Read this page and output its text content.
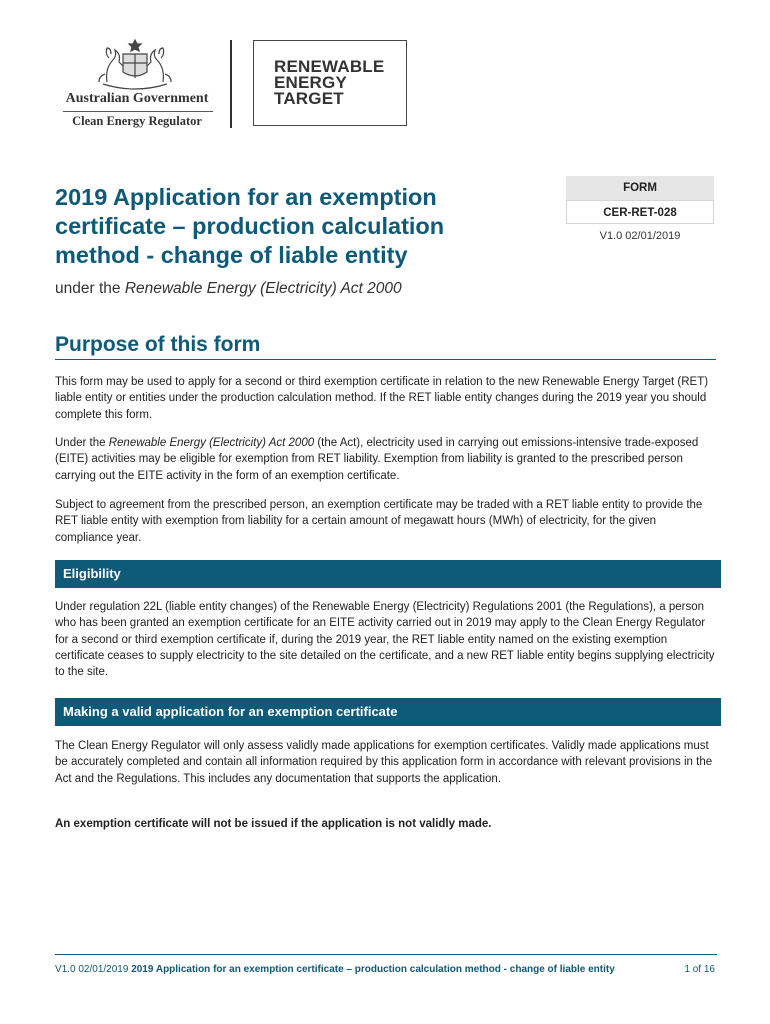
Australian Government
Clean Energy Regulator
RENEWABLE
ENERGY
TARGET
2019 Application for an exemption certificate – production calculation method - change of liable entity
under the Renewable Energy (Electricity) Act 2000
FORM
CER-RET-028
V1.0 02/01/2019
Purpose of this form

This form may be used to apply for a second or third exemption certificate in relation to the new Renewable Energy Target (RET) liable entity or entities under the production calculation method. If the RET liable entity changes during the 2019 year you should complete this form.

Under the Renewable Energy (Electricity) Act 2000 (the Act), electricity used in carrying out emissions-intensive trade-exposed (EITE) activities may be eligible for exemption from RET liability. Exemption from liability is granted to the prescribed person carrying out the EITE activity in the form of an exemption certificate.

Subject to agreement from the prescribed person, an exemption certificate may be traded with a RET liable entity to provide the RET liable entity with exemption from liability for a certain amount of megawatt hours (MWh) of electricity, for the given compliance year.

Eligibility

Under regulation 22L (liable entity changes) of the Renewable Energy (Electricity) Regulations 2001 (the Regulations), a person who has been granted an exemption certificate for an EITE activity carried out in 2019 may apply to the Clean Energy Regulator for a second or third exemption certificate if, during the 2019 year, the RET liable entity named on the existing exemption certificate ceases to supply electricity to the site detailed on the certificate, and a new RET liable entity begins supplying electricity to the site.

Making a valid application for an exemption certificate

The Clean Energy Regulator will only assess validly made applications for exemption certificates. Validly made applications must be accurately completed and contain all information required by this application form in accordance with relevant provisions in the Act and the Regulations. This includes any documentation that supports the application.

An exemption certificate will not be issued if the application is not validly made.

V1.0 02/01/2019 2019 Application for an exemption certificate – production calculation method - change of liable entity	1 of 16
